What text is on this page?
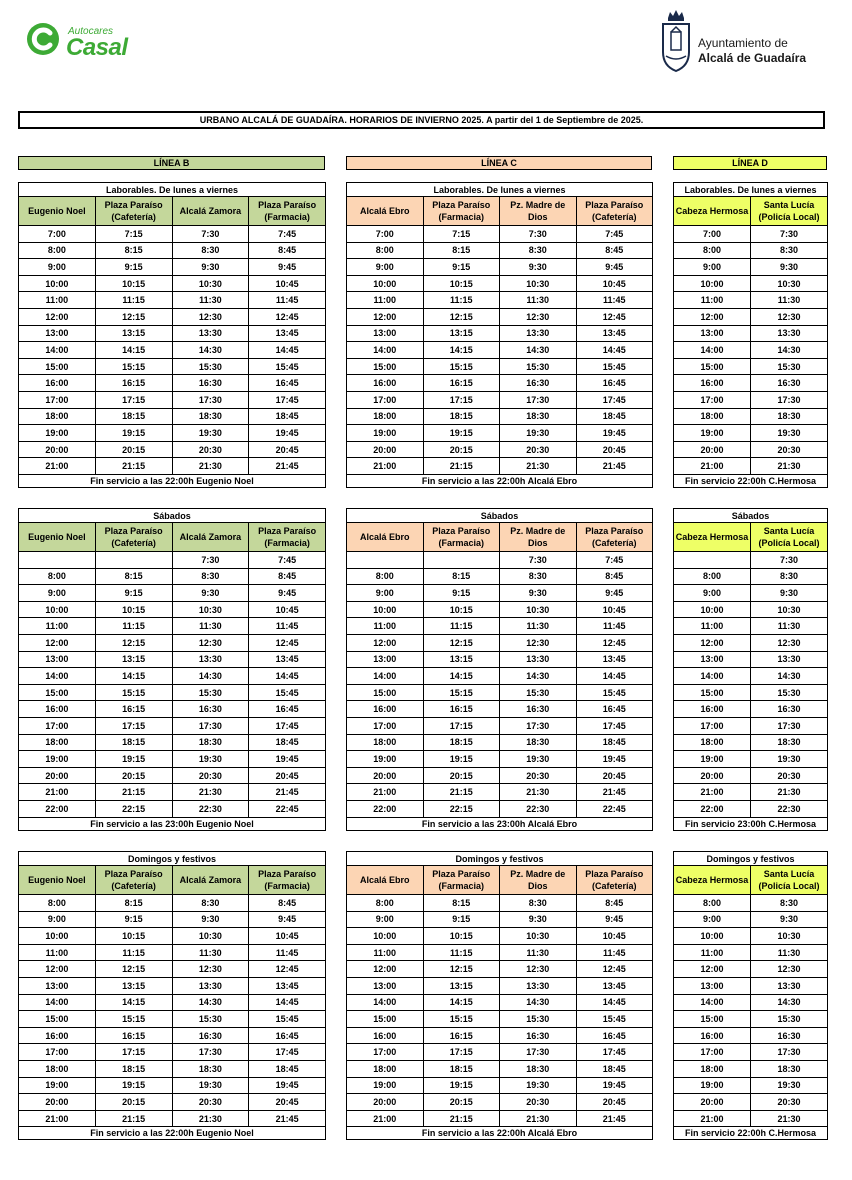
Autocares
Casal	Ayuntamiento de
Alcalá de Guadaíra
URBANO ALCALÁ DE GUADAÍRA. HORARIOS DE INVIERNO 2025. A partir del 1 de Septiembre de 2025.
LÍNEA B	LÍNEA C	LÍNEA D
Laborables. De lunes a viernes			
Eugenio Noel	Plaza Paraíso (Cafetería)	Alcalá Zamora	Plaza Paraíso (Farmacia)
7:00	7:15	7:30	7:45
8:00	8:15	8:30	8:45
9:00	9:15	9:30	9:45
10:00	10:15	10:30	10:45
11:00	11:15	11:30	11:45
12:00	12:15	12:30	12:45
13:00	13:15	13:30	13:45
14:00	14:15	14:30	14:45
15:00	15:15	15:30	15:45
16:00	16:15	16:30	16:45
17:00	17:15	17:30	17:45
18:00	18:15	18:30	18:45
19:00	19:15	19:30	19:45
20:00	20:15	20:30	20:45
21:00	21:15	21:30	21:45
Fin servicio a las 22:00h Eugenio Noel			
Laborables. De lunes a viernes			
Alcalá Ebro	Plaza Paraíso (Farmacia)	Pz. Madre de Dios	Plaza Paraíso (Cafetería)
7:00	7:15	7:30	7:45
8:00	8:15	8:30	8:45
9:00	9:15	9:30	9:45
10:00	10:15	10:30	10:45
11:00	11:15	11:30	11:45
12:00	12:15	12:30	12:45
13:00	13:15	13:30	13:45
14:00	14:15	14:30	14:45
15:00	15:15	15:30	15:45
16:00	16:15	16:30	16:45
17:00	17:15	17:30	17:45
18:00	18:15	18:30	18:45
19:00	19:15	19:30	19:45
20:00	20:15	20:30	20:45
21:00	21:15	21:30	21:45
Fin servicio a las 22:00h Alcalá Ebro			
Laborables. De lunes a viernes	
Cabeza Hermosa	Santa Lucía (Policía Local)
7:00	7:30
8:00	8:30
9:00	9:30
10:00	10:30
11:00	11:30
12:00	12:30
13:00	13:30
14:00	14:30
15:00	15:30
16:00	16:30
17:00	17:30
18:00	18:30
19:00	19:30
20:00	20:30
21:00	21:30
Fin servicio 22:00h C.Hermosa	
Sábados			
Eugenio Noel	Plaza Paraíso (Cafetería)	Alcalá Zamora	Plaza Paraíso (Farmacia)
		7:30	7:45
8:00	8:15	8:30	8:45
9:00	9:15	9:30	9:45
10:00	10:15	10:30	10:45
11:00	11:15	11:30	11:45
12:00	12:15	12:30	12:45
13:00	13:15	13:30	13:45
14:00	14:15	14:30	14:45
15:00	15:15	15:30	15:45
16:00	16:15	16:30	16:45
17:00	17:15	17:30	17:45
18:00	18:15	18:30	18:45
19:00	19:15	19:30	19:45
20:00	20:15	20:30	20:45
21:00	21:15	21:30	21:45
22:00	22:15	22:30	22:45
Fin servicio a las 23:00h Eugenio Noel			
Sábados			
Alcalá Ebro	Plaza Paraíso (Farmacia)	Pz. Madre de Dios	Plaza Paraíso (Cafetería)
		7:30	7:45
8:00	8:15	8:30	8:45
9:00	9:15	9:30	9:45
10:00	10:15	10:30	10:45
11:00	11:15	11:30	11:45
12:00	12:15	12:30	12:45
13:00	13:15	13:30	13:45
14:00	14:15	14:30	14:45
15:00	15:15	15:30	15:45
16:00	16:15	16:30	16:45
17:00	17:15	17:30	17:45
18:00	18:15	18:30	18:45
19:00	19:15	19:30	19:45
20:00	20:15	20:30	20:45
21:00	21:15	21:30	21:45
22:00	22:15	22:30	22:45
Fin servicio a las 23:00h Alcalá Ebro			
Sábados	
Cabeza Hermosa	Santa Lucía (Policía Local)
	7:30
8:00	8:30
9:00	9:30
10:00	10:30
11:00	11:30
12:00	12:30
13:00	13:30
14:00	14:30
15:00	15:30
16:00	16:30
17:00	17:30
18:00	18:30
19:00	19:30
20:00	20:30
21:00	21:30
22:00	22:30
Fin servicio 23:00h C.Hermosa	
Domingos y festivos			
Eugenio Noel	Plaza Paraíso (Cafetería)	Alcalá Zamora	Plaza Paraíso (Farmacia)
8:00	8:15	8:30	8:45
9:00	9:15	9:30	9:45
10:00	10:15	10:30	10:45
11:00	11:15	11:30	11:45
12:00	12:15	12:30	12:45
13:00	13:15	13:30	13:45
14:00	14:15	14:30	14:45
15:00	15:15	15:30	15:45
16:00	16:15	16:30	16:45
17:00	17:15	17:30	17:45
18:00	18:15	18:30	18:45
19:00	19:15	19:30	19:45
20:00	20:15	20:30	20:45
21:00	21:15	21:30	21:45
Fin servicio a las 22:00h Eugenio Noel			
Domingos y festivos			
Alcalá Ebro	Plaza Paraíso (Farmacia)	Pz. Madre de Dios	Plaza Paraíso (Cafetería)
8:00	8:15	8:30	8:45
9:00	9:15	9:30	9:45
10:00	10:15	10:30	10:45
11:00	11:15	11:30	11:45
12:00	12:15	12:30	12:45
13:00	13:15	13:30	13:45
14:00	14:15	14:30	14:45
15:00	15:15	15:30	15:45
16:00	16:15	16:30	16:45
17:00	17:15	17:30	17:45
18:00	18:15	18:30	18:45
19:00	19:15	19:30	19:45
20:00	20:15	20:30	20:45
21:00	21:15	21:30	21:45
Fin servicio a las 22:00h Alcalá Ebro			
Domingos y festivos	
Cabeza Hermosa	Santa Lucía (Policía Local)
8:00	8:30
9:00	9:30
10:00	10:30
11:00	11:30
12:00	12:30
13:00	13:30
14:00	14:30
15:00	15:30
16:00	16:30
17:00	17:30
18:00	18:30
19:00	19:30
20:00	20:30
21:00	21:30
Fin servicio 22:00h C.Hermosa	
